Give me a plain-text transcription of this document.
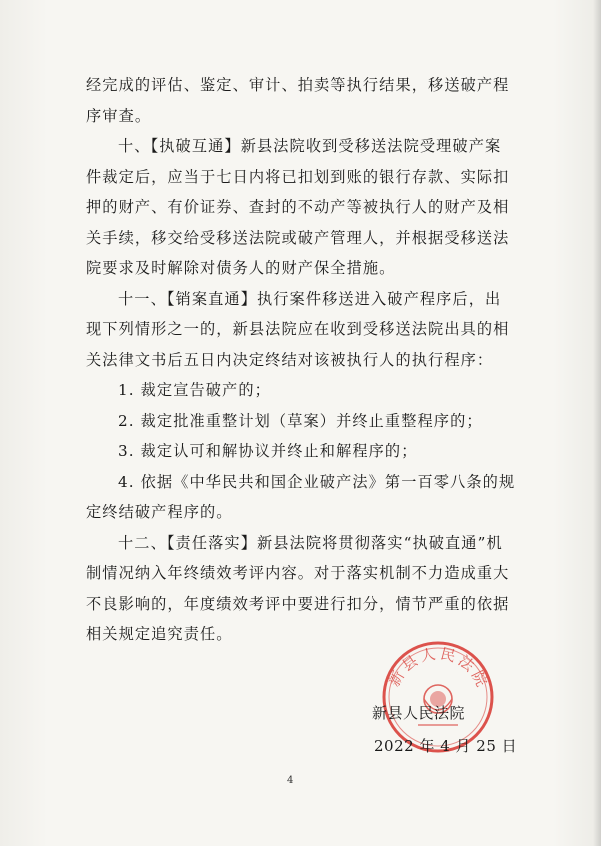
经完成的评估、鉴定、审计、拍卖等执行结果，移送破产程序审查。

十、【执破互通】新县法院收到受移送法院受理破产案件裁定后，应当于七日内将已扣划到账的银行存款、实际扣押的财产、有价证券、查封的不动产等被执行人的财产及相关手续，移交给受移送法院或破产管理人，并根据受移送法院要求及时解除对债务人的财产保全措施。

十一、【销案直通】执行案件移送进入破产程序后，出现下列情形之一的，新县法院应在收到受移送法院出具的相关法律文书后五日内决定终结对该被执行人的执行程序：

1. 裁定宣告破产的；

2. 裁定批准重整计划（草案）并终止重整程序的；

3. 裁定认可和解协议并终止和解程序的；

4. 依据《中华民共和国企业破产法》第一百零八条的规定终结破产程序的。

十二、【责任落实】新县法院将贯彻落实“执破直通”机制情况纳入年终绩效考评内容。对于落实机制不力造成重大不良影响的，年度绩效考评中要进行扣分，情节严重的依据相关规定追究责任。

新县人民法院
新县人民法院
2022 年 4 月 25 日
4
